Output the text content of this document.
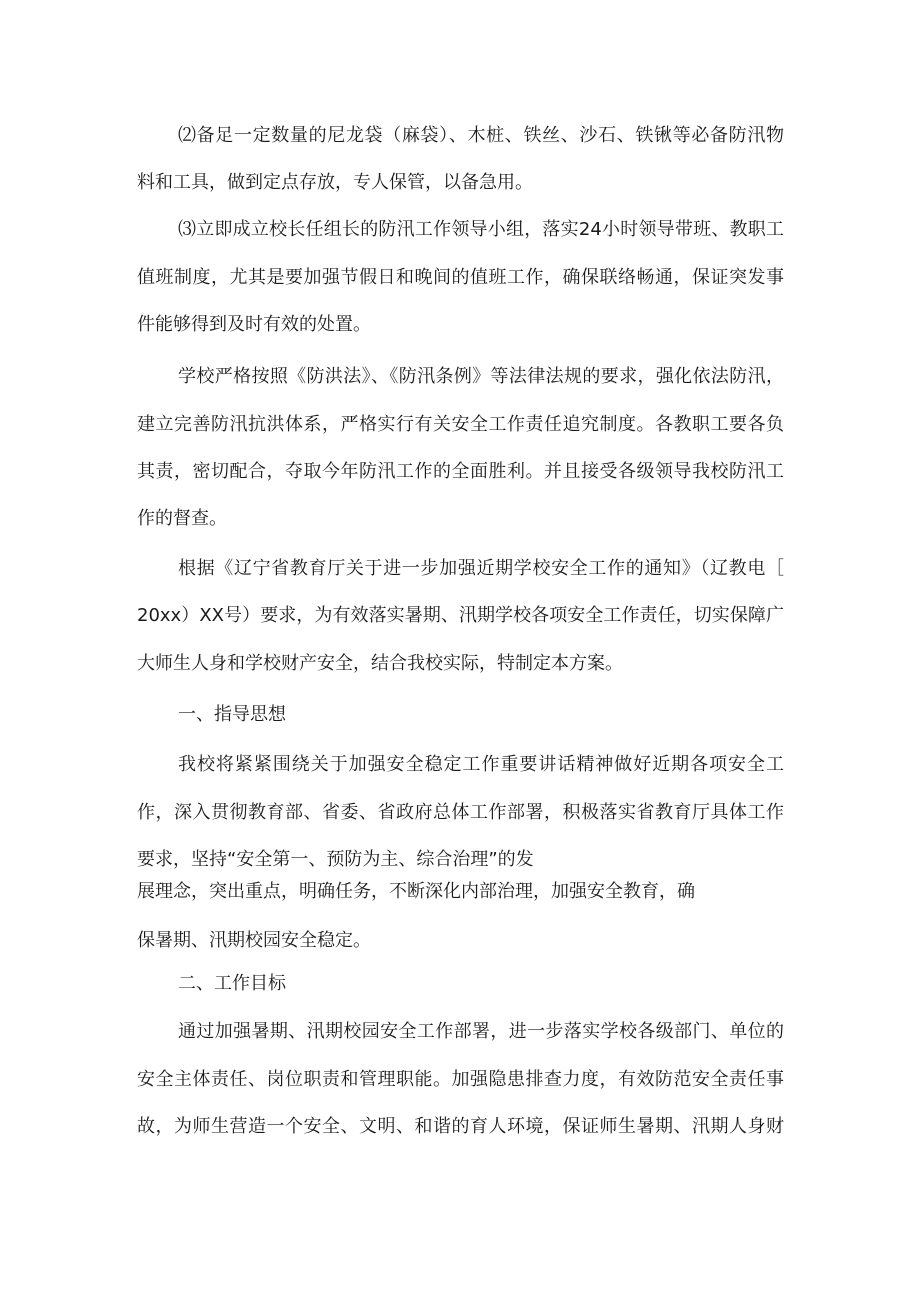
⑵备足一定数量的尼龙袋（麻袋）、木桩、铁丝、沙石、铁锹等必备防汛物
料和工具，做到定点存放，专人保管，以备急用。
⑶立即成立校长任组长的防汛工作领导小组，落实24小时领导带班、教职工
值班制度，尤其是要加强节假日和晚间的值班工作，确保联络畅通，保证突发事
件能够得到及时有效的处置。
学校严格按照《防洪法》、《防汛条例》等法律法规的要求，强化依法防汛，
建立完善防汛抗洪体系，严格实行有关安全工作责任追究制度。各教职工要各负
其责，密切配合，夺取今年防汛工作的全面胜利。并且接受各级领导我校防汛工
作的督查。
根据《辽宁省教育厅关于进一步加强近期学校安全工作的通知》（辽教电［
20xx）XX号）要求，为有效落实暑期、汛期学校各项安全工作责任，切实保障广
大师生人身和学校财产安全，结合我校实际，特制定本方案。
一、指导思想
我校将紧紧围绕关于加强安全稳定工作重要讲话精神做好近期各项安全工
作，深入贯彻教育部、省委、省政府总体工作部署，积极落实省教育厅具体工作
要求，坚持“安全第一、预防为主、综合治理”的发
展理念，突出重点，明确任务，不断深化内部治理，加强安全教育，确
保暑期、汛期校园安全稳定。
二、工作目标
通过加强暑期、汛期校园安全工作部署，进一步落实学校各级部门、单位的
安全主体责任、岗位职责和管理职能。加强隐患排查力度，有效防范安全责任事
故，为师生营造一个安全、文明、和谐的育人环境，保证师生暑期、汛期人身财
